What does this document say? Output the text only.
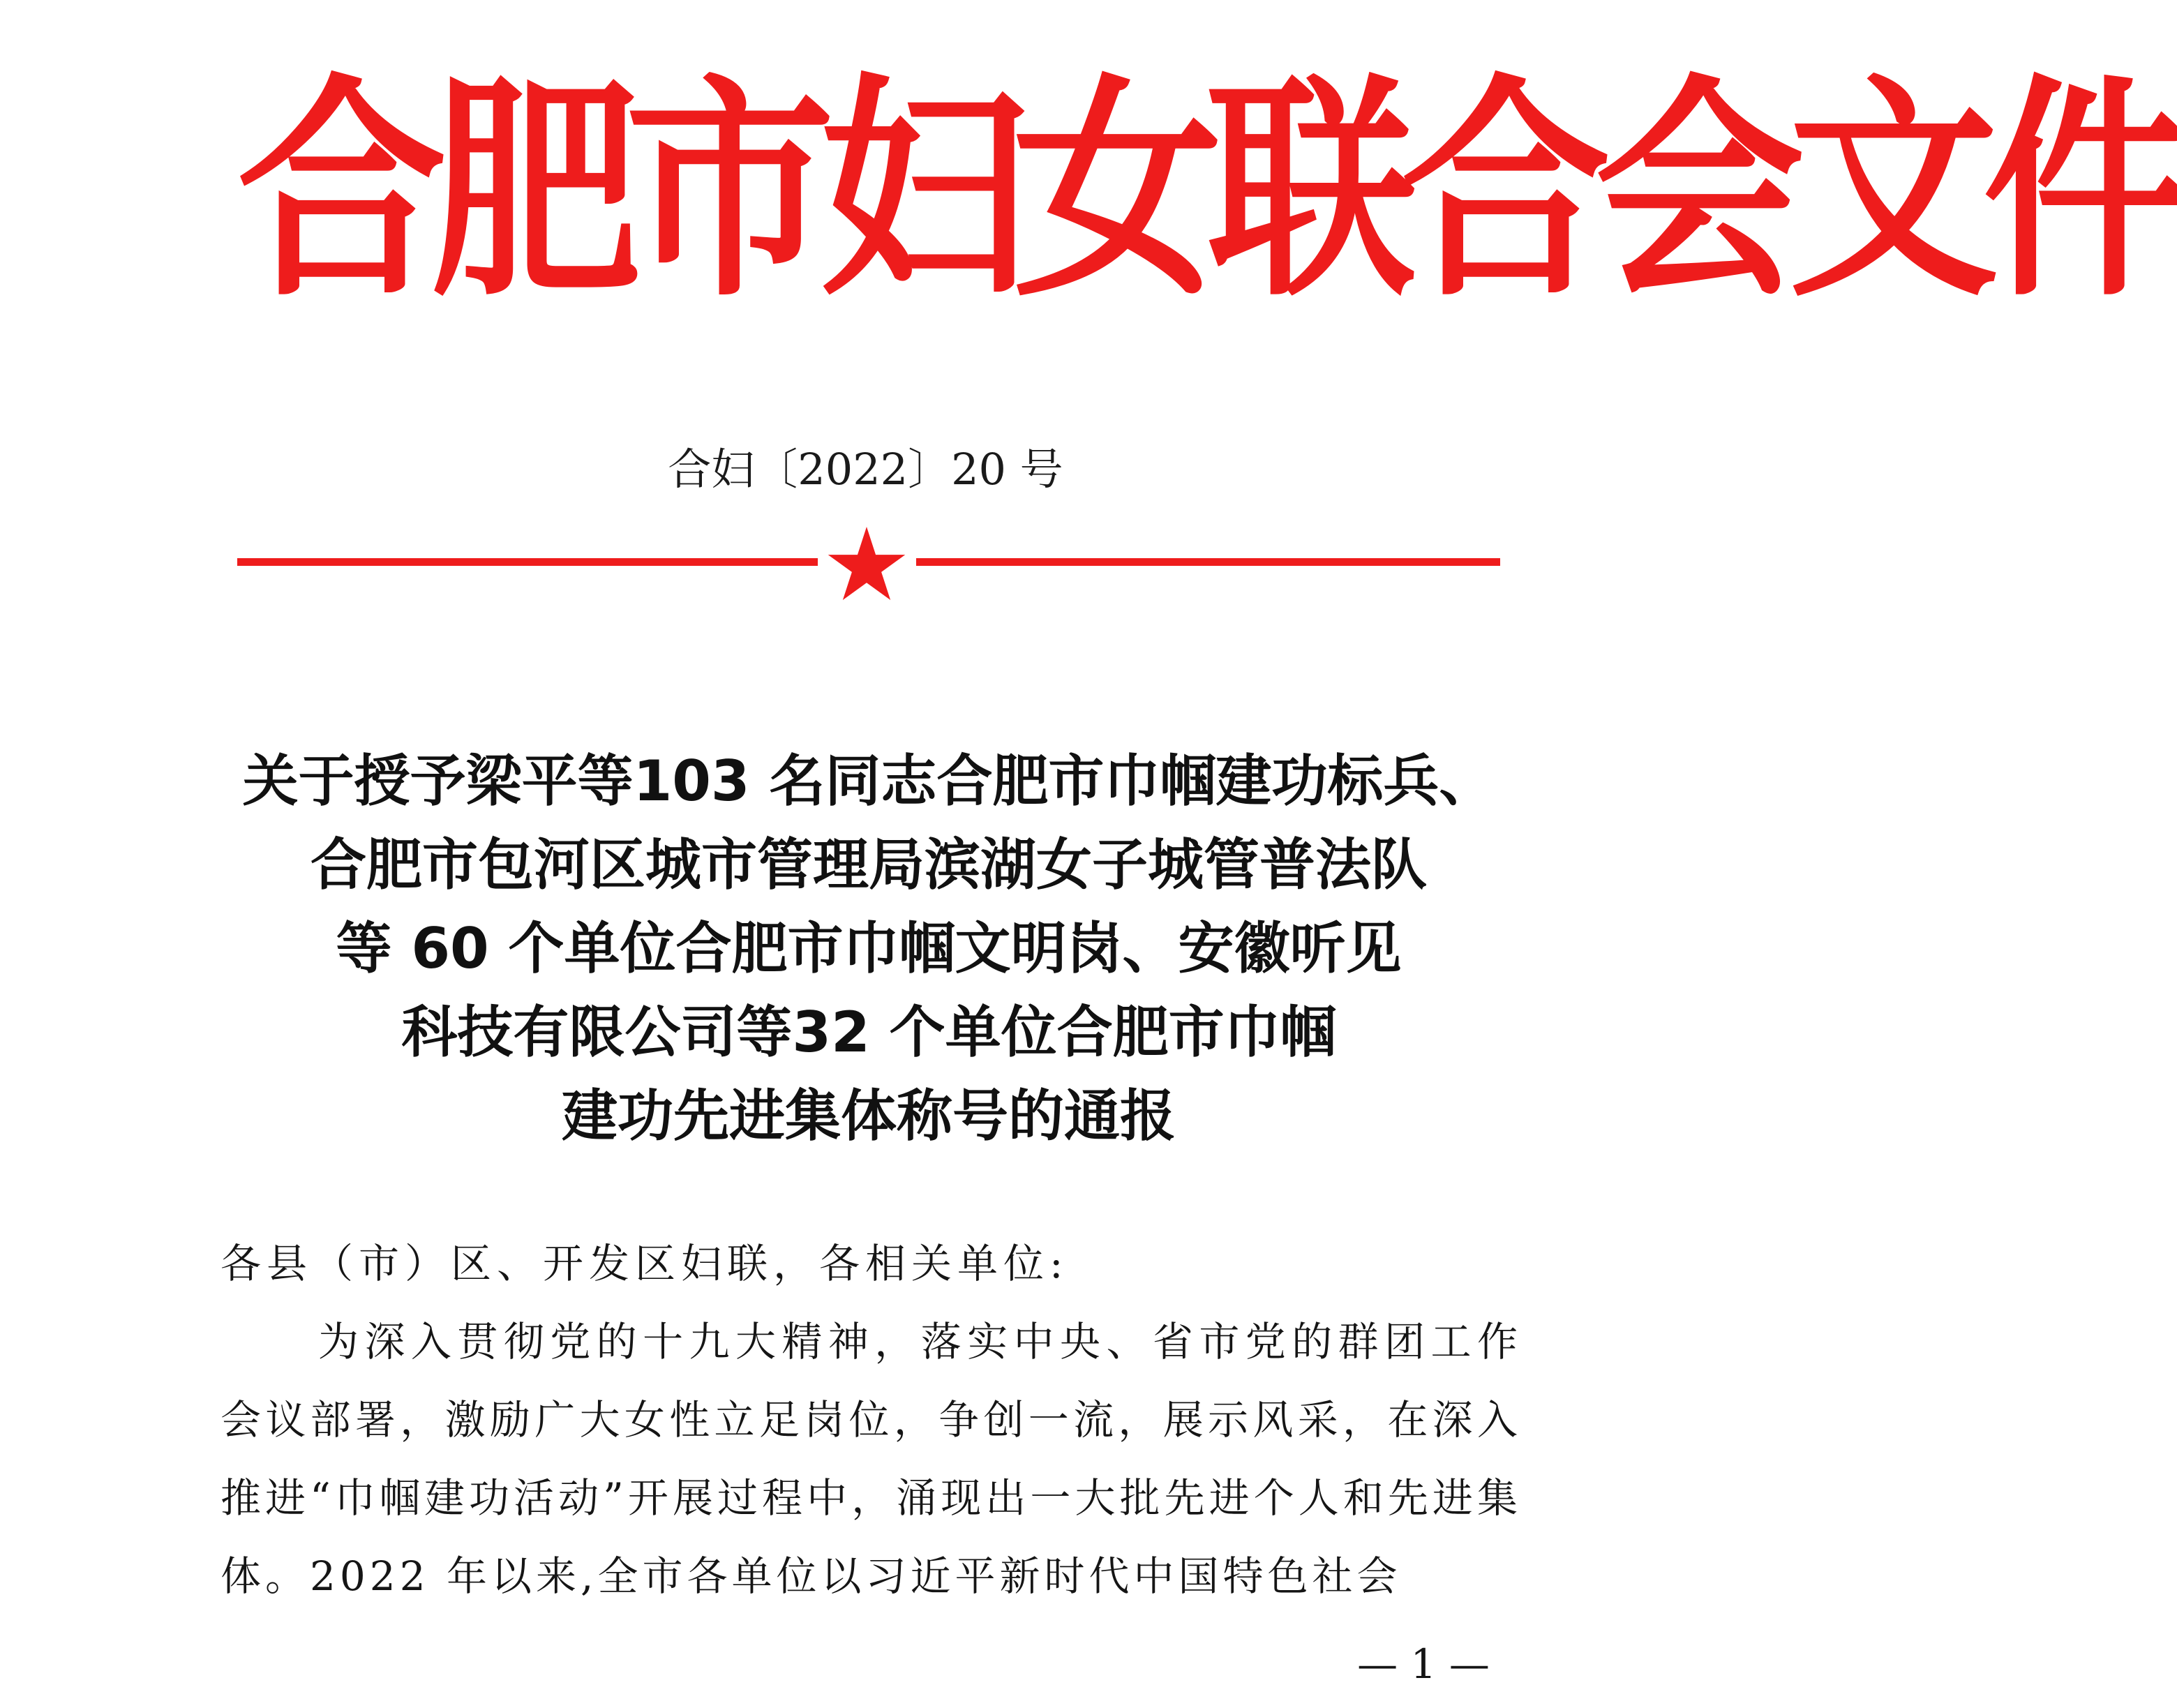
合肥市妇女联合会文件
合妇〔2022〕20 号
关于授予梁平等103 名同志合肥市巾帼建功标兵、
合肥市包河区城市管理局滨湖女子城管普法队
等 60 个单位合肥市巾帼文明岗、安徽听见
科技有限公司等32 个单位合肥市巾帼
建功先进集体称号的通报

各县（市）区、开发区妇联，各相关单位:

为深入贯彻党的十九大精神，落实中央、省市党的群团工作会议部署，激励广大女性立足岗位，争创一流，展示风采，在深入推进“巾帼建功活动”开展过程中，涌现出一大批先进个人和先进集体。2022 年以来,全市各单位以习近平新时代中国特色社会

— 1 —
